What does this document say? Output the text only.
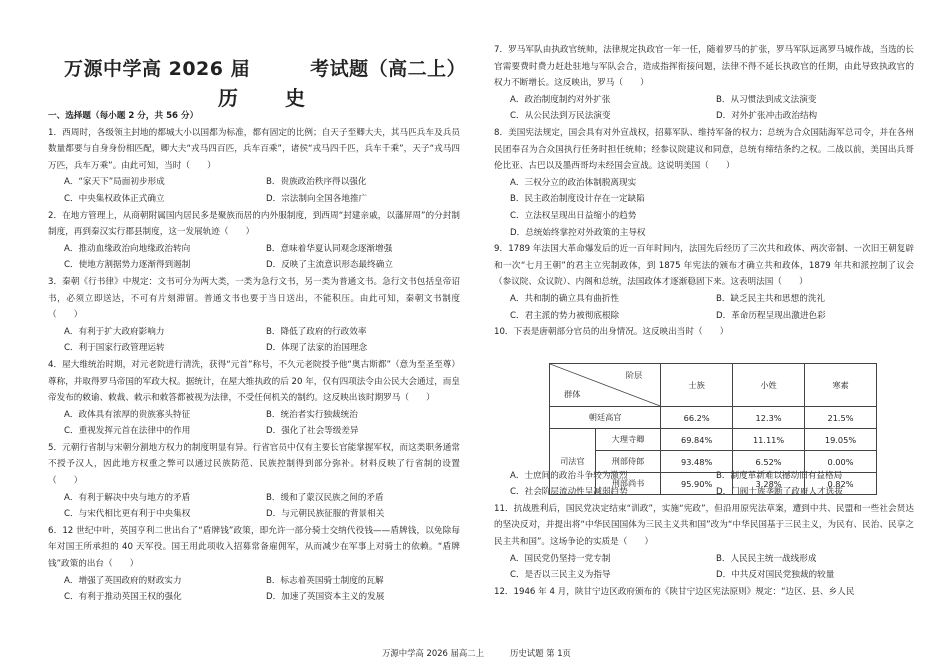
万源中学高 2026 届	考试题（高二上）
历 史
一、选择题（每小题 2 分，共 56 分）

1．西周时，各级领主封地的都城大小以国都为标准，都有固定的比例；自天子至卿大夫，其马匹兵车及兵员数量都要与自身身份相匹配，卿大夫“戎马四百匹，兵车百乘”，诸侯“戎马四千匹，兵车千乘”，天子“戎马四万匹，兵车万乘”。由此可知，当时（　　）

A．“家天下”局面初步形成	B．贵族政治秩序得以强化
C．中央集权政体正式确立	D．宗法制向全国各地推广

2．在地方管理上，从商朝附属国内居民多是聚族而居的内外服制度，到西周“封建亲戚，以藩屏周”的分封制制度，再到秦汉实行郡县制度，这一发展轨迹（　　）

A．推动血缘政治向地缘政治转向	B．意味着华夏认同观念逐渐增强
C．使地方割据势力逐渐得到遏制	D．反映了主流意识形态最终确立

3．秦朝《行书律》中规定：文书可分为两大类，一类为急行文书，另一类为普通文书。急行文书包括皇帝诏书，必须立即送达，不可有片刻滞留。普通文书也要于当日送出，不能积压。由此可知，秦朝文书制度（　　）

A．有利于扩大政府影响力	B．降低了政府的行政效率
C．利于国家行政管理运转	D．体现了法家的治国理念

4．屋大维统治时期，对元老院进行清洗，获得“元首”称号，不久元老院授予他“奥古斯都”（意为至圣至尊）尊称，并取得罗马帝国的军政大权。据统计，在屋大维执政的后 20 年，仅有四项法令由公民大会通过，而皇帝发布的敕谕、敕裁、敕示和敕答都被视为法律，不受任何机关的制约。这反映出该时期罗马（　　）

A．政体具有浓厚的贵族寡头特征	B．统治者实行独裁统治
C．重视发挥元首在法律中的作用	D．强化了社会等级差异

5．元朝行省制与宋朝分割地方权力的制度明显有异。行省官员中仅有主要长官能掌握军权，而这类职务通常不授予汉人，因此地方权重之弊可以通过民族防范、民族控制得到部分弥补。材料反映了行省制的设置（　　）

A．有利于解决中央与地方的矛盾	B．缓和了蒙汉民族之间的矛盾
C．与宋代相比更有利于中央集权	D．与元朝民族征服的背景相关

6．12 世纪中叶，英国亨利二世出台了“盾牌钱”政策，即允许一部分骑士交纳代役钱——盾牌钱，以免除每年对国王所承担的 40 天军役。国王用此项收入招募常备雇佣军，从而减少在军事上对骑士的依赖。“盾牌钱”政策的出台（　　）

A．增强了英国政府的财政实力	B．标志着英国骑士制度的瓦解
C．有利于推动英国王权的强化	D．加速了英国资本主义的发展

7．罗马军队由执政官统帅，法律规定执政官一年一任，随着罗马的扩张，罗马军队远离罗马城作战，当选的长官需要费时费力赶赴驻地与军队会合，造成指挥衔接问题，法律不得不延长执政官的任期，由此导致执政官的权力不断增长。这反映出，罗马（　　）

A．政治制度制约对外扩张	B．从习惯法到成文法演变
C．从公民法到万民法演变	D．对外扩张冲击政治结构

8．美国宪法规定，国会具有对外宣战权，招募军队、维持军备的权力；总统为合众国陆海军总司令，并在各州民团奉召为合众国执行任务时担任统帅；经参议院建议和同意，总统有缔结条约之权。二战以前，美国出兵哥伦比亚、古巴以及墨西哥均未经国会宣战。这说明美国（　　）

A．三权分立的政治体制脱离现实
B．民主政治制度设计存在一定缺陷
C．立法权呈现出日益缩小的趋势
D．总统始终掌控对外政策的主导权

9．1789 年法国大革命爆发后的近一百年时间内，法国先后经历了三次共和政体、两次帝制、一次旧王朝复辟和一次“七月王朝”的君主立宪制政体，到 1875 年宪法的颁布才确立共和政体，1879 年共和派控制了议会（参议院、众议院）、内阁和总统，法国政体才逐渐稳固下来。这表明法国（　　）

A．共和制的确立具有曲折性	B．缺乏民主共和思想的洗礼
C．君主派的势力被彻底根除	D．革命历程呈现出激进色彩

10．下表是唐朝部分官员的出身情况。这反映出当时（　　）

A．士庶间的政治斗争较为激烈	B．制度革新难以撼动旧有益格局
C．社会阶层流动性呈减弱趋势	D．门阀士族垄断了政府人才选拔

11．抗战胜利后，国民党决定结束“训政”，实施“宪政”，但沿用原宪法草案，遭到中共、民盟和一些社会贤达的坚决反对，并提出将“中华民国国体为三民主义共和国”改为“中华民国基于三民主义，为民有、民治、民享之民主共和国”。这场争论的实质是（　　）

A．国民党仍坚持一党专制	B．人民民主统一战线形成
C．是否以三民主义为指导	D．中共反对国民党独裁的较量

12．1946 年 4 月，陕甘宁边区政府颁布的《陕甘宁边区宪法原则》规定：“边区、县、乡人民

阶层
群体		士族	小姓	寒素
朝廷高官		66.2%	12.3%	21.5%
司法官	大理寺卿	69.84%	11.11%	19.05%
	刑部侍郎	93.48%	6.52%	0.00%
	刑部尚书	95.90%	3.28%	0.82%
万源中学高 2026 届高二上	历史试题 第 1页
